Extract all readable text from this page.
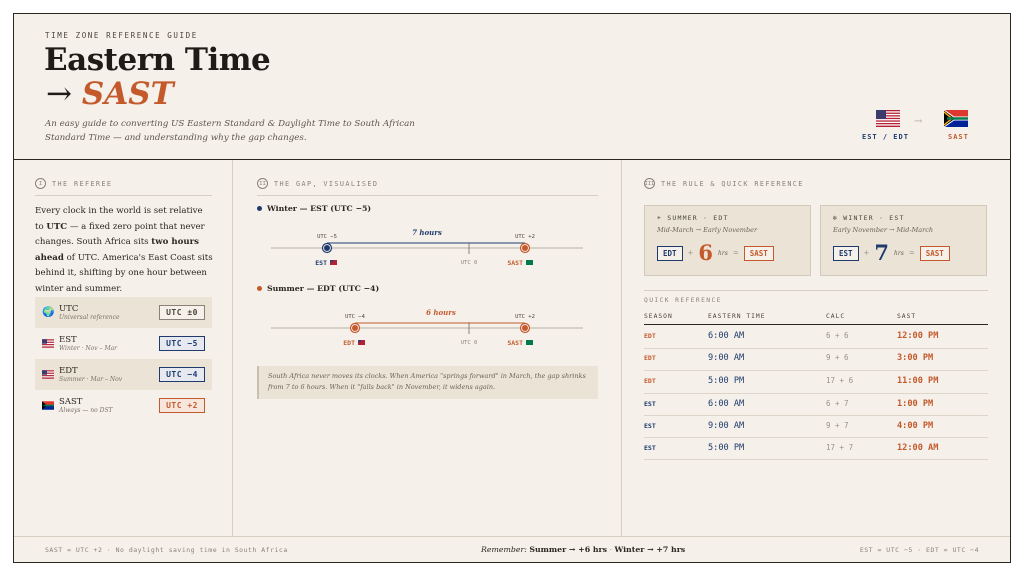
TIME ZONE REFERENCE GUIDE
Eastern Time
→ SAST
An easy guide to converting US Eastern Standard & Daylight Time to South African Standard Time — and understanding why the gap changes.	EST / EDT
→
SAST
I	THE REFEREE
Every clock in the world is set relative to UTC — a fixed zero point that never changes. South Africa sits two hours ahead of UTC. America's East Coast sits behind it, shifting by one hour between winter and summer.
🌍 UTC
Universal reference	UTC ±0
EST
Winter · Nov – Mar	UTC −5
EDT
Summer · Mar – Nov	UTC −4
SAST
Always — no DST	UTC +2
II	THE GAP, VISUALISED
Winter — EST (UTC −5)
7 hours
UTC −5	UTC +2
UTC 0
EST	SAST
Summer — EDT (UTC −4)
6 hours
UTC −4	UTC +2
UTC 0
EDT	SAST
South Africa never moves its clocks. When America "springs forward" in March, the gap shrinks from 7 to 6 hours. When it "falls back" in November, it widens again.
III THE RULE & QUICK REFERENCE
☀ SUMMER · EDT
Mid-March → Early November
EDT	+ 6 hrs =	SAST
❄ WINTER · EST
Early November → Mid-March
EST	+ 7 hrs =	SAST
QUICK REFERENCE
SEASON	EASTERN TIME	CALC	SAST
EDT	6:00 AM	6 + 6	12:00 PM
EDT	9:00 AM	9 + 6	3:00 PM
EDT	5:00 PM	17 + 6	11:00 PM
EST	6:00 AM	6 + 7	1:00 PM
EST	9:00 AM	9 + 7	4:00 PM
EST	5:00 PM	17 + 7	12:00 AM
SAST = UTC +2 · No daylight saving time in South Africa	Remember: Summer → +6 hrs · Winter → +7 hrs	EST = UTC −5 · EDT = UTC −4
